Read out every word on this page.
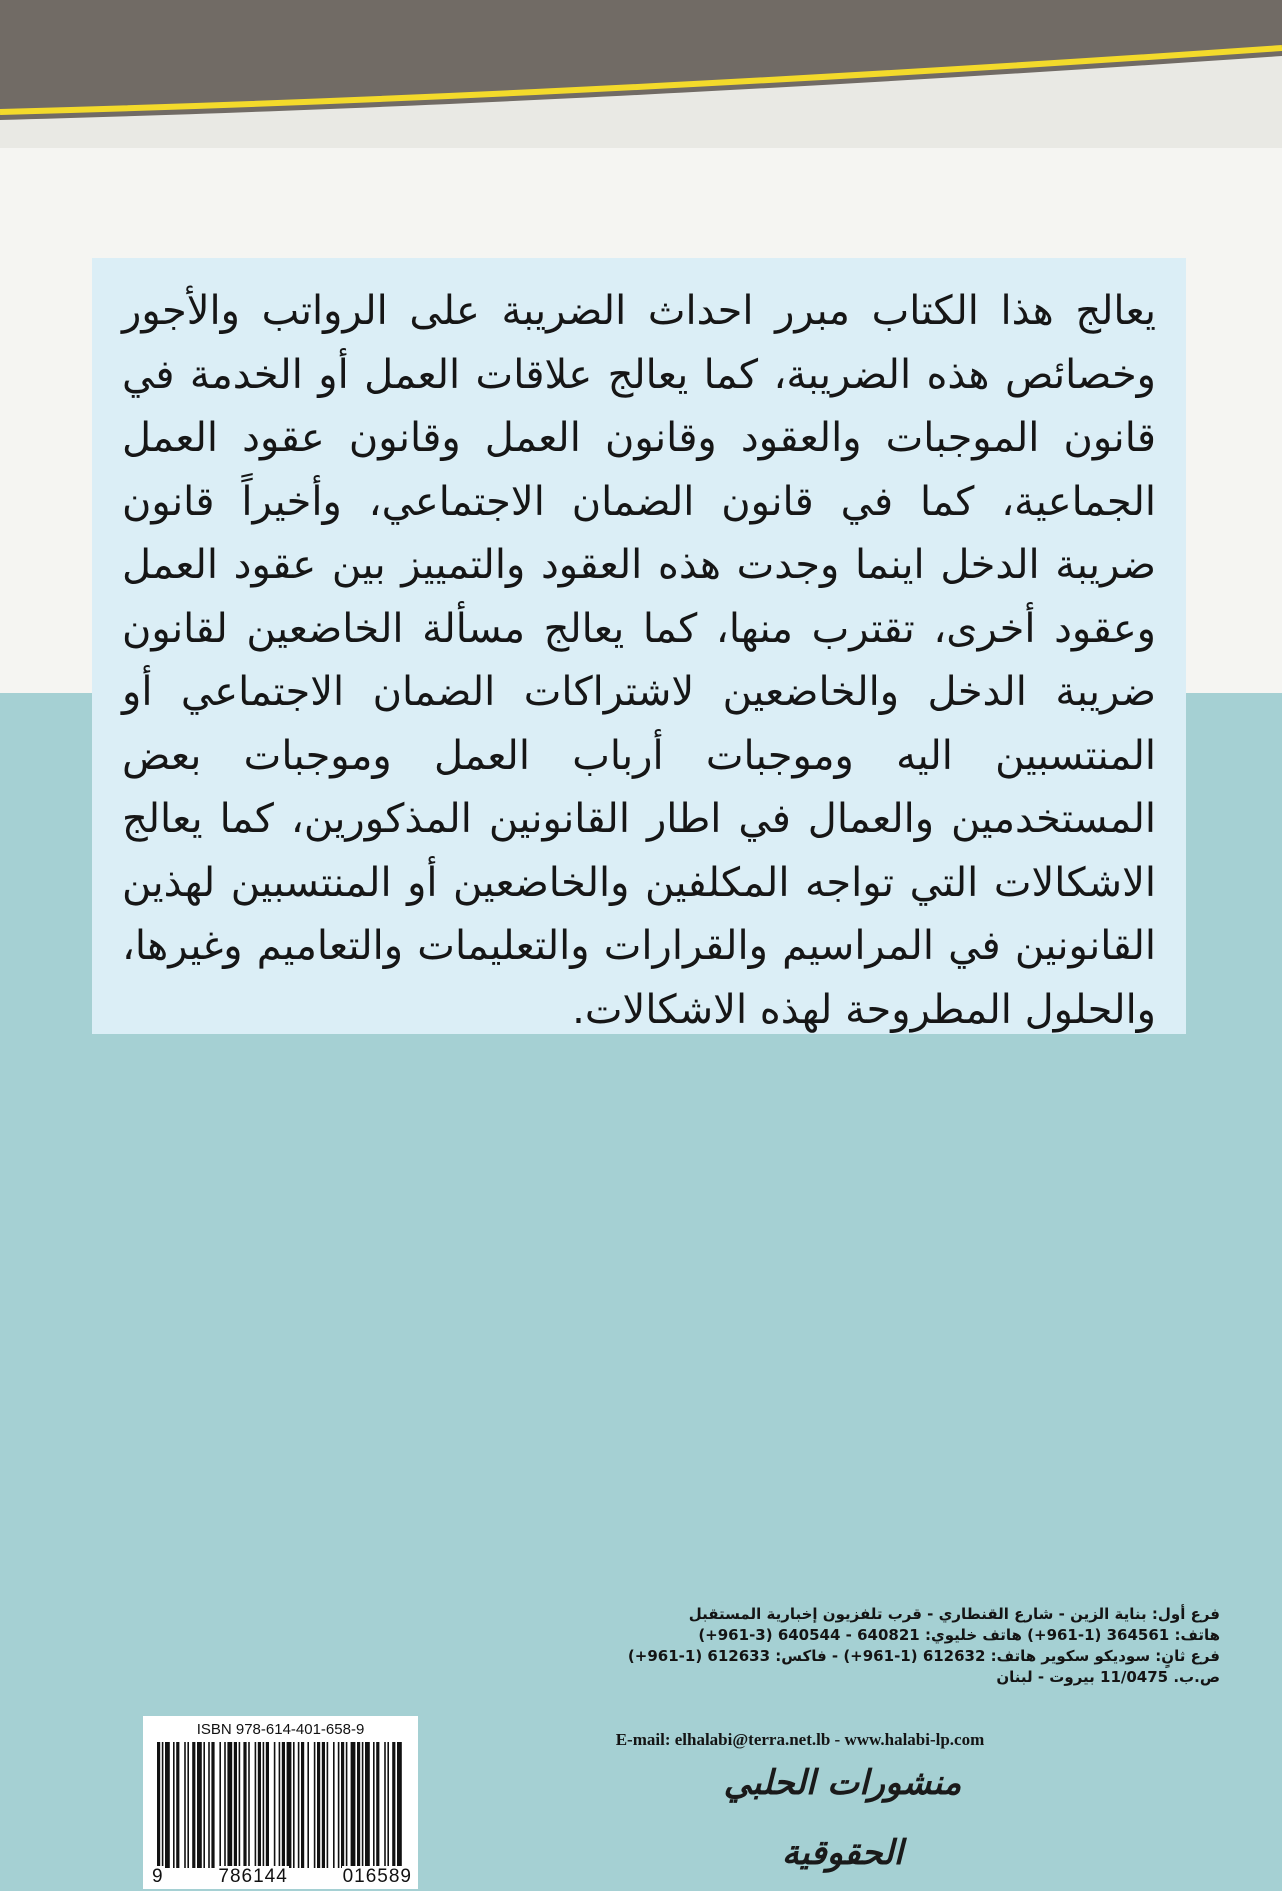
يعالج هذا الكتاب مبرر احداث الضريبة على الرواتب والأجور وخصائص هذه الضريبة، كما يعالج علاقات العمل أو الخدمة في قانون الموجبات والعقود وقانون العمل وقانون عقود العمل الجماعية، كما في قانون الضمان الاجتماعي، وأخيراً قانون ضريبة الدخل اينما وجدت هذه العقود والتمييز بين عقود العمل وعقود أخرى، تقترب منها، كما يعالج مسألة الخاضعين لقانون ضريبة الدخل والخاضعين لاشتراكات الضمان الاجتماعي أو المنتسبين اليه وموجبات أرباب العمل وموجبات بعض المستخدمين والعمال في اطار القانونين المذكورين، كما يعالج الاشكالات التي تواجه المكلفين والخاضعين أو المنتسبين لهذين القانونين في المراسيم والقرارات والتعليمات والتعاميم وغيرها، والحلول المطروحة لهذه الاشكالات.

ISBN 978-614-401-658-9
9	786144	016589
منشورات الحلبي الحقوقية
فرع أول: بناية الزين - شارع القنطاري - قرب تلفزيون إخبارية المستقبل
هاتف: 364561 (1-961+) هاتف خليوي: 640821 - 640544 (3-961+)
فرع ثانٍ: سوديكو سكوير هاتف: 612632 (1-961+) - فاكس: 612633 (1-961+)
ص.ب. 11/0475 بيروت - لبنان
E-mail: elhalabi@terra.net.lb - www.halabi-lp.com
